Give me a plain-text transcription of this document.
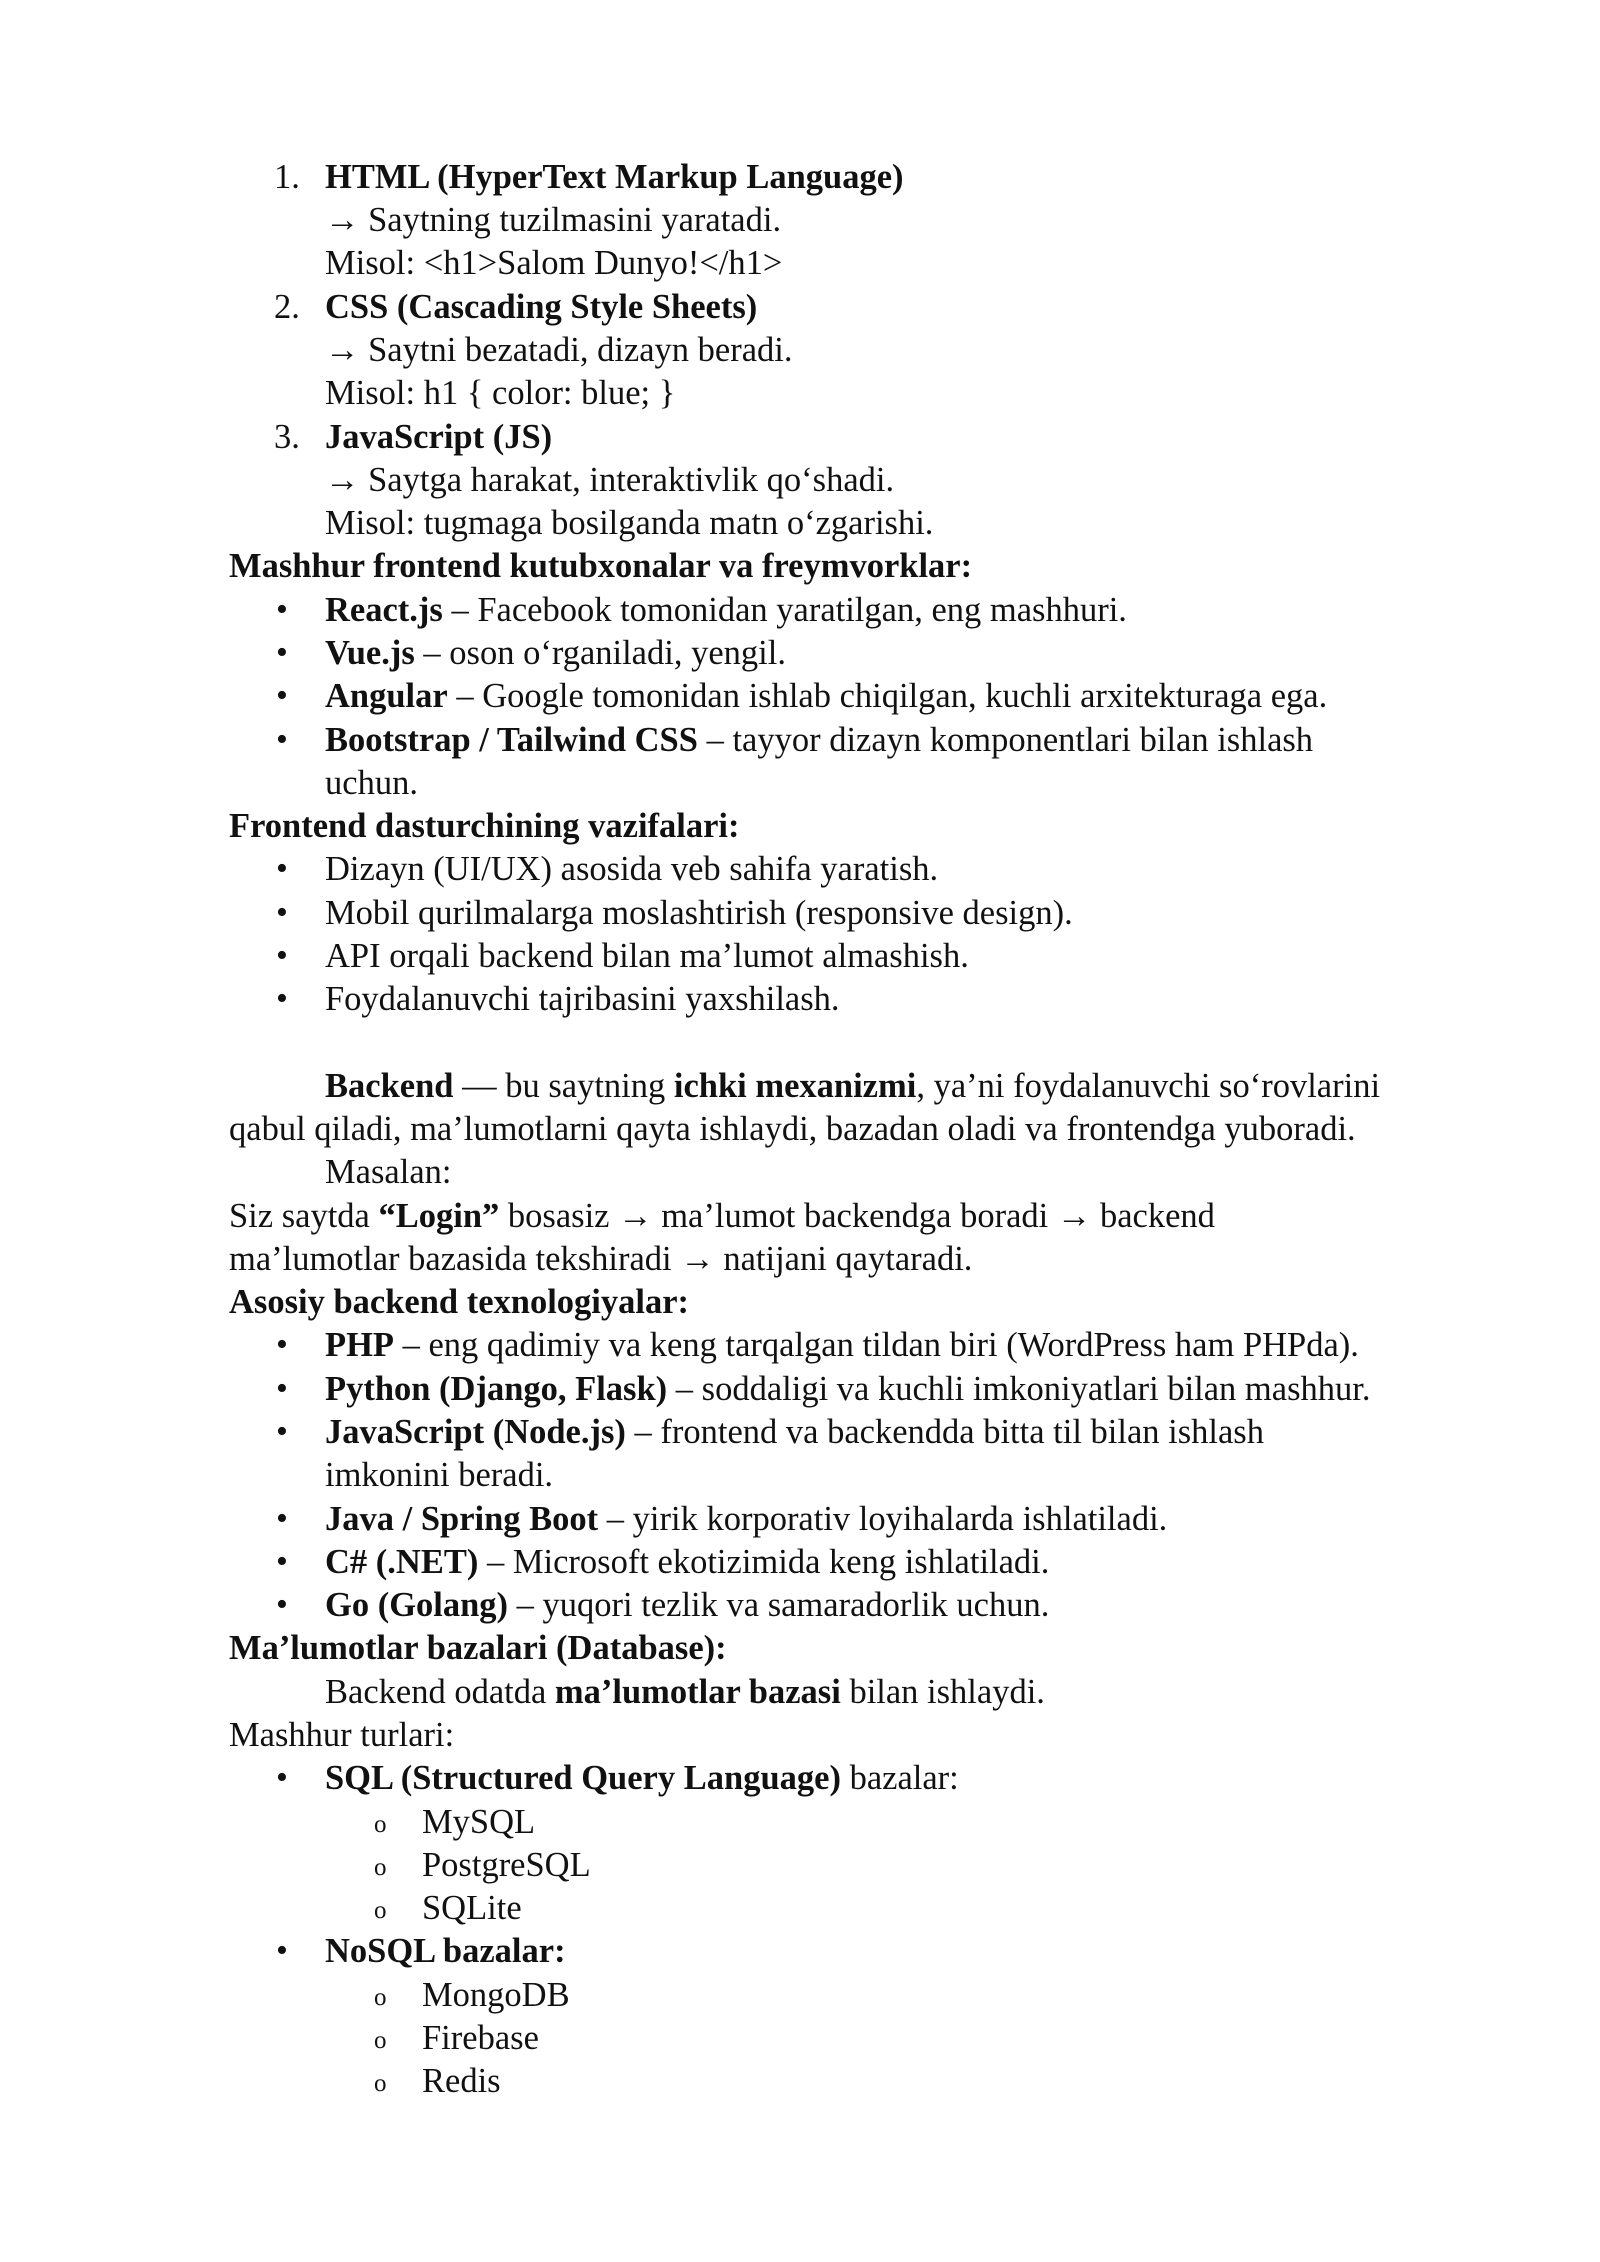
1. HTML (HyperText Markup Language)
→ Saytning tuzilmasini yaratadi.
Misol: <h1>Salom Dunyo!</h1>
2. CSS (Cascading Style Sheets)
→ Saytni bezatadi, dizayn beradi.
Misol: h1 { color: blue; }
3. JavaScript (JS)
→ Saytga harakat, interaktivlik qo‘shadi.
Misol: tugmaga bosilganda matn o‘zgarishi.
Mashhur frontend kutubxonalar va freymvorklar:
• React.js – Facebook tomonidan yaratilgan, eng mashhuri.
• Vue.js – oson o‘rganiladi, yengil.
• Angular – Google tomonidan ishlab chiqilgan, kuchli arxitekturaga ega.
• Bootstrap / Tailwind CSS – tayyor dizayn komponentlari bilan ishlash
uchun.
Frontend dasturchining vazifalari:
• Dizayn (UI/UX) asosida veb sahifa yaratish.
• Mobil qurilmalarga moslashtirish (responsive design).
• API orqali backend bilan ma’lumot almashish.
• Foydalanuvchi tajribasini yaxshilash.
Backend — bu saytning ichki mexanizmi, ya’ni foydalanuvchi so‘rovlarini
qabul qiladi, ma’lumotlarni qayta ishlaydi, bazadan oladi va frontendga yuboradi.
Masalan:
Siz saytda “Login” bosasiz → ma’lumot backendga boradi → backend
ma’lumotlar bazasida tekshiradi → natijani qaytaradi.
Asosiy backend texnologiyalar:
• PHP – eng qadimiy va keng tarqalgan tildan biri (WordPress ham PHPda).
• Python (Django, Flask) – soddaligi va kuchli imkoniyatlari bilan mashhur.
• JavaScript (Node.js) – frontend va backendda bitta til bilan ishlash
imkonini beradi.
• Java / Spring Boot – yirik korporativ loyihalarda ishlatiladi.
• C# (.NET) – Microsoft ekotizimida keng ishlatiladi.
• Go (Golang) – yuqori tezlik va samaradorlik uchun.
Ma’lumotlar bazalari (Database):
Backend odatda ma’lumotlar bazasi bilan ishlaydi.
Mashhur turlari:
• SQL (Structured Query Language) bazalar:
o MySQL
o PostgreSQL
o SQLite
• NoSQL bazalar:
o MongoDB
o Firebase
o Redis
